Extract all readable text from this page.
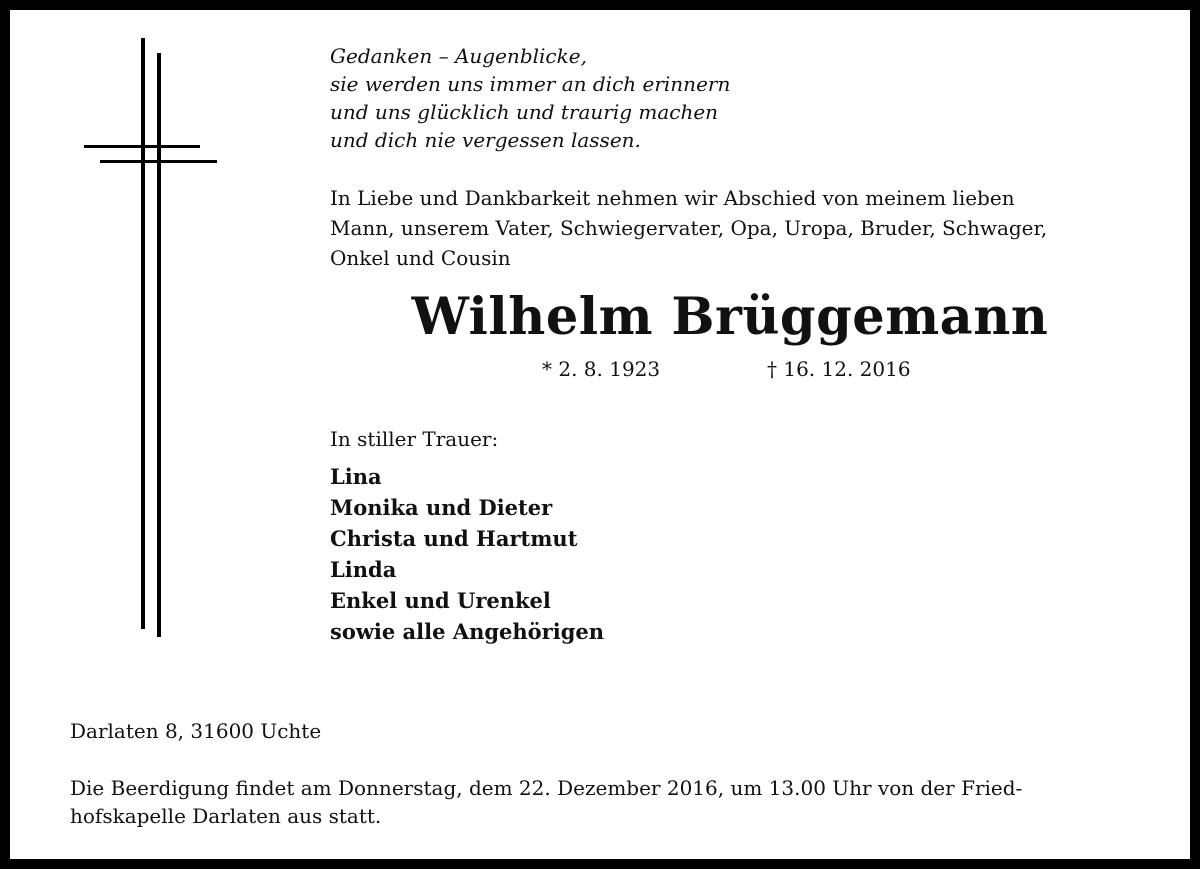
Gedanken – Augenblicke,
sie werden uns immer an dich erinnern
und uns glücklich und traurig machen
und dich nie vergessen lassen.
In Liebe und Dankbarkeit nehmen wir Abschied von meinem lieben
Mann, unserem Vater, Schwiegervater, Opa, Uropa, Bruder, Schwager,
Onkel und Cousin
Wilhelm Brüggemann
* 2. 8. 1923	† 16. 12. 2016
In stiller Trauer:
Lina
Monika und Dieter
Christa und Hartmut
Linda
Enkel und Urenkel
sowie alle Angehörigen
Darlaten 8, 31600 Uchte
Die Beerdigung findet am Donnerstag, dem 22. Dezember 2016, um 13.00 Uhr von der Fried-
hofskapelle Darlaten aus statt.
